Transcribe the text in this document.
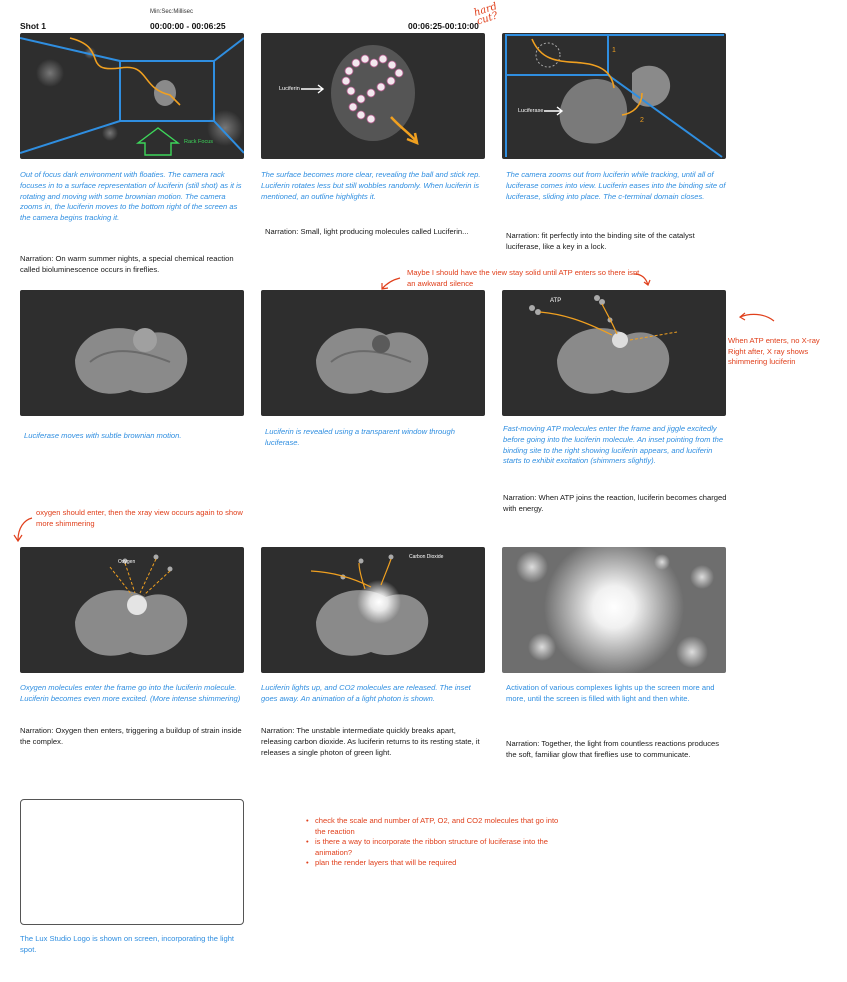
Min:Sec:Millisec
Shot 1	00:00:00 - 00:06:25	00:06:25-00:10:00
hard cut?
Rack Focus
Luciferin
Luciferase
1
2
Out of focus dark environment with floaties. The camera rack focuses in to a surface representation of luciferin (still shot) as it is rotating and moving with some brownian motion. The camera zooms in, the luciferin moves to the bottom right of the screen as the camera begins tracking it.
The surface becomes more clear, revealing the ball and stick rep. Luciferin rotates less but still wobbles randomly. When luciferin is mentioned, an outline highlights it.
The camera zooms out from luciferin while tracking, until all of luciferase comes into view. Luciferin eases into the binding site of luciferase, sliding into place. The c-terminal domain closes.
Narration: On warm summer nights, a special chemical reaction called bioluminescence occurs in fireflies.
Narration: Small, light producing molecules called Luciferin...	Narration: fit perfectly into the binding site of the catalyst luciferase, like a key in a lock.
Maybe I should have the view stay solid until ATP enters so there isnt an awkward silence
ATP
When ATP enters, no X-ray Right after, X ray shows shimmering luciferin
Luciferase moves with subtle brownian motion.	Luciferin is revealed using a transparent window through luciferase.
Fast-moving ATP molecules enter the frame and jiggle excitedly before going into the luciferin molecule. An inset pointing from the binding site to the right showing luciferin appears, and luciferin starts to exhibit excitation (shimmers slightly).
Narration: When ATP joins the reaction, luciferin becomes charged with energy.
oxygen should enter, then the xray view occurs again to show more shimmering
Oxygen
Carbon Dioxide
Oxygen molecules enter the frame go into the luciferin molecule. Luciferin becomes even more excited. (More intense shimmering)
Luciferin lights up, and CO2 molecules are released. The inset goes away. An animation of a light photon is shown.
Activation of various complexes lights up the screen more and more, until the screen is filled with light and then white.
Narration: Oxygen then enters, triggering a buildup of strain inside the complex.
Narration: The unstable intermediate quickly breaks apart, releasing carbon dioxide. As luciferin returns to its resting state, it releases a single photon of green light.
Narration: Together, the light from countless reactions produces the soft, familiar glow that fireflies use to communicate.
The Lux Studio Logo is shown on screen, incorporating the light spot.
• check the scale and number of ATP, O2, and CO2 molecules that go into the reaction
• is there a way to incorporate the ribbon structure of luciferase into the animation?
• plan the render layers that will be required
